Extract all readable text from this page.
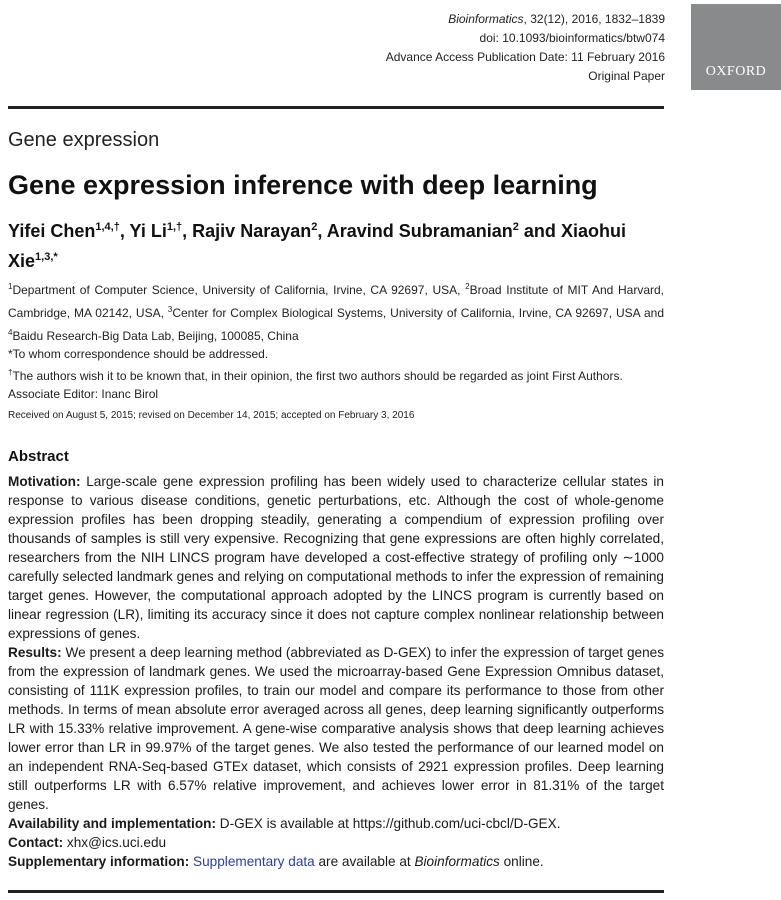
Bioinformatics, 32(12), 2016, 1832–1839
doi: 10.1093/bioinformatics/btw074
Advance Access Publication Date: 11 February 2016
Original Paper	OXFORD
Gene expression
Gene expression inference with deep learning
Yifei Chen$^{1,4,\dagger}$, Yi $Li^{1,\dagger}$, Rajiv Narayan$^2$, Aravind Subramanian$^2$ and Xiaohui Xie$^{1,3,*}$
$^1$Department of Computer Science, University of California, Irvine, CA 92697, USA, $^2$Broad Institute of MIT And Harvard, Cambridge, MA 02142, USA, $^3$Center for Complex Biological Systems, University of California, Irvine, CA 92697, USA and $^4$Baidu Research-Big Data Lab, Beijing, 100085, China
*To whom correspondence should be addressed.
†The authors wish it to be known that, in their opinion, the first two authors should be regarded as joint First Authors.
Associate Editor: Inanc Birol
Received on August 5, 2015; revised on December 14, 2015; accepted on February 3, 2016
Abstract

Motivation: Large-scale gene expression profiling has been widely used to characterize cellular states in response to various disease conditions, genetic perturbations, etc. Although the cost of whole-genome expression profiles has been dropping steadily, generating a compendium of expression profiling over thousands of samples is still very expensive. Recognizing that gene expressions are often highly correlated, researchers from the NIH LINCS program have developed a cost-effective strategy of profiling only ∼1000 carefully selected landmark genes and relying on computational methods to infer the expression of remaining target genes. However, the computational approach adopted by the LINCS program is currently based on linear regression (LR), limiting its accuracy since it does not capture complex nonlinear relationship between expressions of genes.

Results: We present a deep learning method (abbreviated as D-GEX) to infer the expression of target genes from the expression of landmark genes. We used the microarray-based Gene Expression Omnibus dataset, consisting of 111K expression profiles, to train our model and compare its performance to those from other methods. In terms of mean absolute error averaged across all genes, deep learning significantly outperforms LR with 15.33% relative improvement. A gene-wise comparative analysis shows that deep learning achieves lower error than LR in 99.97% of the target genes. We also tested the performance of our learned model on an independent RNA-Seq-based GTEx dataset, which consists of 2921 expression profiles. Deep learning still outperforms LR with 6.57% relative improvement, and achieves lower error in 81.31% of the target genes.

Availability and implementation: D-GEX is available at https://github.com/uci-cbcl/D-GEX.

Contact: xhx@ics.uci.edu

Supplementary information: Supplementary data are available at Bioinformatics online.
